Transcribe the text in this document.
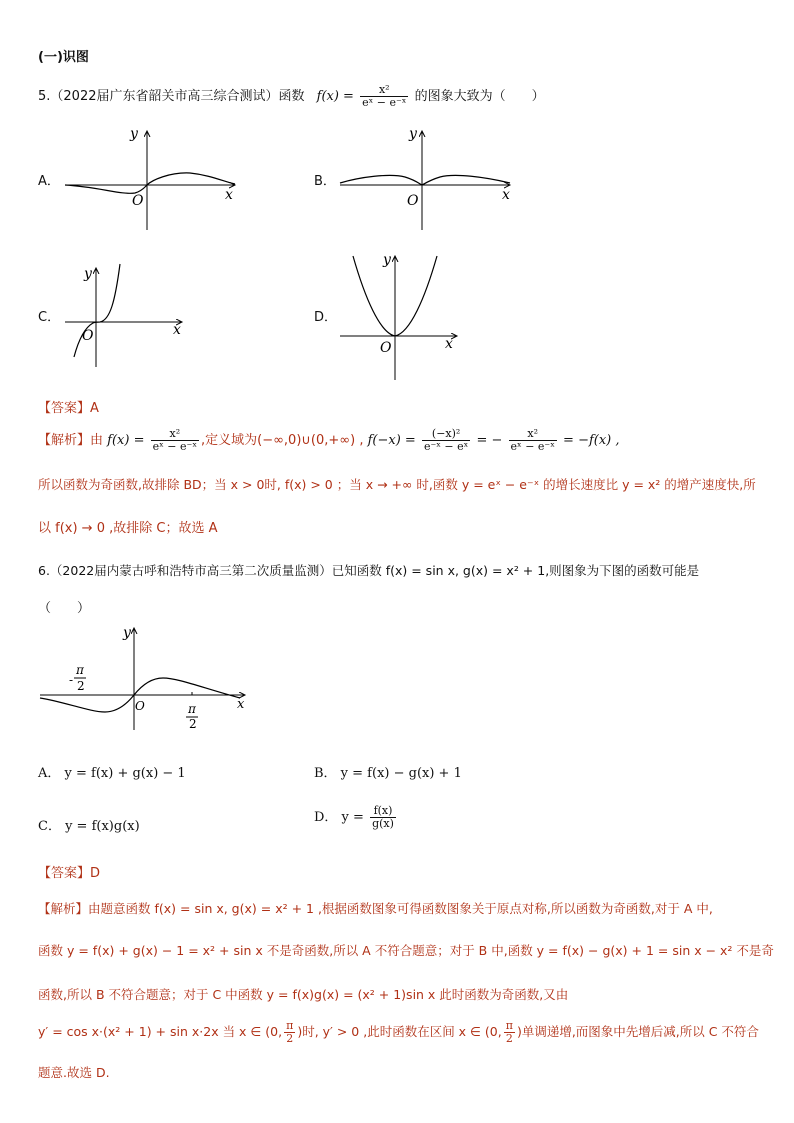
(一)识图
5.（2022届广东省韶关市高三综合测试）函数 $f(x) = \frac{\text{x²}}{\text{eˣ − e⁻ˣ}}$ 的图象大致为（　　）
A．	B．
C．	D．
y
x
O
y
x
O
y
x
O
y
x
O
【答案】A
【解析】由 $f(x) = \frac{\text{x²}}{\text{eˣ − e⁻ˣ}}$ ,定义域为(−∞,0)∪(0,+∞) , $f(-x) = \frac{\text{(−x)²}}{\text{e⁻ˣ − eˣ}}$ = − $\frac{\text{x²}}{\text{eˣ − e⁻ˣ}} = -f(x)$ ,
所以函数为奇函数,故排除 BD；当 x > 0时, f(x) > 0 ；当 x → +∞ 时,函数 y = eˣ − e⁻ˣ 的增长速度比 y = x² 的增产速度快,所
以 f(x) → 0 ,故排除 C；故选 A
6.（2022届内蒙古呼和浩特市高三第二次质量监测）已知函数 f(x) = sin x, g(x) = x² + 1,则图象为下图的函数可能是
（　　）
y
x
O
-
π
2
π
2
A． y = f(x) + g(x) − 1	B． y = f(x) − g(x) + 1
C． y = f(x)g(x)
D． $y = \frac{f(x)}{g(x)}$
【答案】D
【解析】由题意函数 f(x) = sin x, g(x) = x² + 1 ,根据函数图象可得函数图象关于原点对称,所以函数为奇函数,对于 A 中,
函数 y = f(x) + g(x) − 1 = x² + sin x 不是奇函数,所以 A 不符合题意；对于 B 中,函数 y = f(x) − g(x) + 1 = sin x − x² 不是奇
函数,所以 B 不符合题意；对于 C 中函数 y = f(x)g(x) = (x² + 1)sin x 此时函数为奇函数,又由
y′ = cos x·(x² + 1) + sin x·2x 当 x ∈ (0, $\frac{\pi}{2}$ )时, y′ > 0 ,此时函数在区间 x ∈ (0, $\frac{\pi}{2}$ )单调递增,而图象中先增后减,所以 C 不符合
题意.故选 D.
